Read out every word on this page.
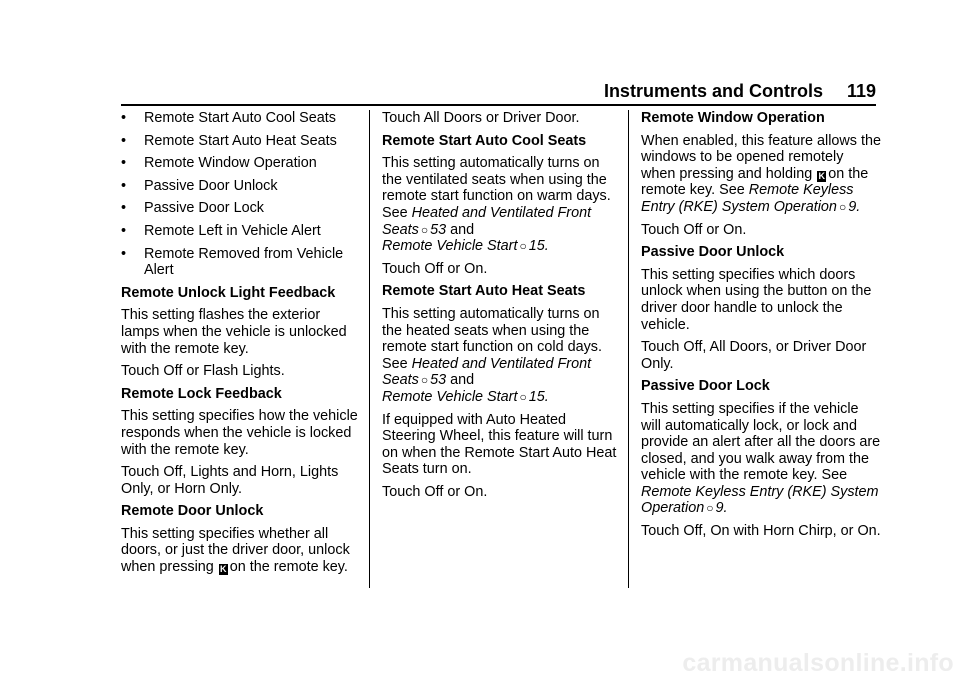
Instruments and Controls 119
• Remote Start Auto Cool Seats
• Remote Start Auto Heat Seats
• Remote Window Operation
• Passive Door Unlock
• Passive Door Lock
• Remote Left in Vehicle Alert
• Remote Removed from Vehicle Alert

Remote Unlock Light Feedback

This setting flashes the exterior lamps when the vehicle is unlocked with the remote key.

Touch Off or Flash Lights.

Remote Lock Feedback

This setting specifies how the vehicle responds when the vehicle is locked with the remote key.

Touch Off, Lights and Horn, Lights Only, or Horn Only.

Remote Door Unlock

This setting specifies whether all doors, or just the driver door, unlock when pressing K on the remote key.

Touch All Doors or Driver Door.

Remote Start Auto Cool Seats

This setting automatically turns on the ventilated seats when using the remote start function on warm days. See Heated and Ventilated Front Seats ○ 53 and
Remote Vehicle Start ○ 15.

Touch Off or On.

Remote Start Auto Heat Seats

This setting automatically turns on the heated seats when using the remote start function on cold days. See Heated and Ventilated Front Seats ○ 53 and
Remote Vehicle Start ○ 15.

If equipped with Auto Heated Steering Wheel, this feature will turn on when the Remote Start Auto Heat Seats turn on.

Touch Off or On.

Remote Window Operation

When enabled, this feature allows the windows to be opened remotely when pressing and holding K on the remote key. See Remote Keyless Entry (RKE) System Operation ○ 9.

Touch Off or On.

Passive Door Unlock

This setting specifies which doors unlock when using the button on the driver door handle to unlock the vehicle.

Touch Off, All Doors, or Driver Door Only.

Passive Door Lock

This setting specifies if the vehicle will automatically lock, or lock and provide an alert after all the doors are closed, and you walk away from the vehicle with the remote key. See Remote Keyless Entry (RKE) System Operation ○ 9.

Touch Off, On with Horn Chirp, or On.

carmanualsonline.info
